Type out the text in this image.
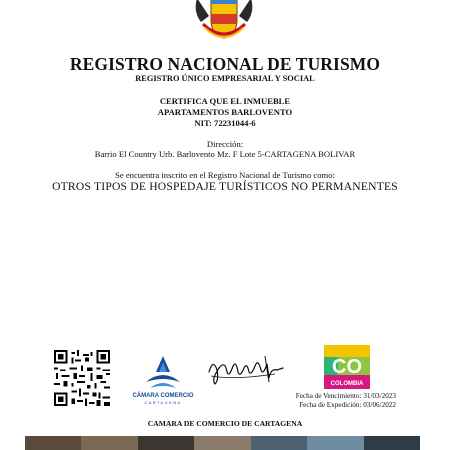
REGISTRO NACIONAL DE TURISMO
REGISTRO ÚNICO EMPRESARIAL Y SOCIAL
CERTIFICA QUE EL INMUEBLE
APARTAMENTOS BARLOVENTO
NIT: 72231044-6
Dirección:
Barrio El Country Urb. Barlovento Mz. F Lote 5-CARTAGENA BOLIVAR
Se encuentra inscrito en el Registro Nacional de Turismo como:
OTROS TIPOS DE HOSPEDAJE TURÍSTICOS NO PERMANENTES
CÁMARA COMERCIO
CARTAGENA
CO
COLOMBIA
Fecha de Vencimiento: 31/03/2023
Fecha de Expedición: 03/06/2022
CAMARA DE COMERCIO DE CARTAGENA
